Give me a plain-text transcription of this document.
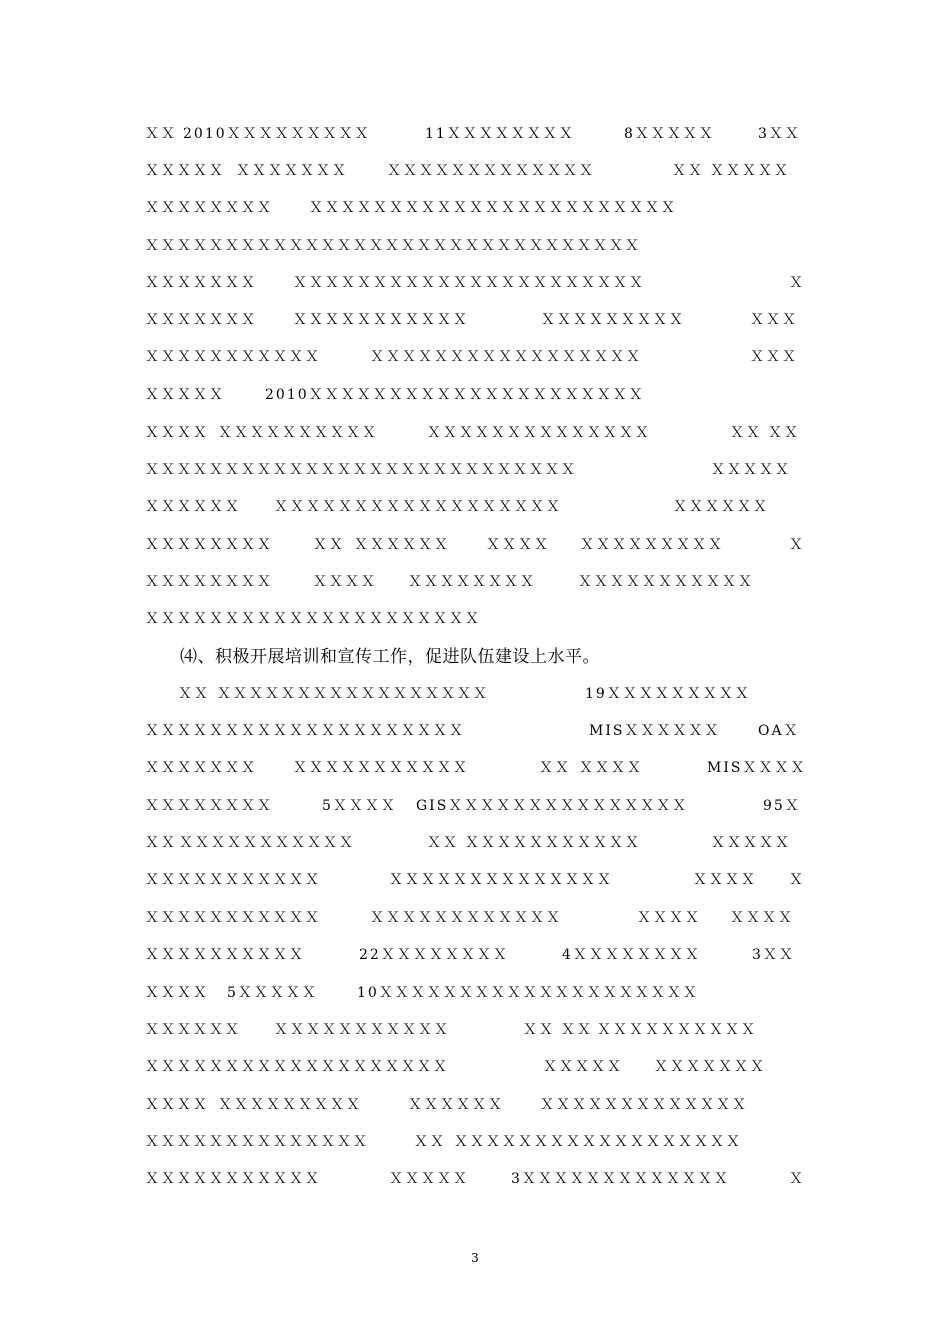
ＸＸ 2010ＸＸＸＸＸＸＸＸＸ	11ＸＸＸＸＸＸＸＸ	8ＸＸＸＸＸ	3ＸＸ
ＸＸＸＸＸ ＸＸＸＸＸＸＸ	ＸＸＸＸＸＸＸＸＸＸＸＸＸ	ＸＸ ＸＸＸＸＸ
ＸＸＸＸＸＸＸＸ	ＸＸＸＸＸＸＸＸＸＸＸＸＸＸＸＸＸＸＸＸＸＸＸ
ＸＸＸＸＸＸＸＸＸＸＸＸＸＸＸＸＸＸＸＸＸＸＸＸＸＸＸＸＸＸＸ
ＸＸＸＸＸＸＸ	ＸＸＸＸＸＸＸＸＸＸＸＸＸＸＸＸＸＸＸＸＸＸ	Ｘ
ＸＸＸＸＸＸＸ	ＸＸＸＸＸＸＸＸＸＸＸ	ＸＸＸＸＸＸＸＸＸ	ＸＸＸ
ＸＸＸＸＸＸＸＸＸＸＸ	ＸＸＸＸＸＸＸＸＸＸＸＸＸＸＸＸＸ	ＸＸＸ
ＸＸＸＸＸ	2010ＸＸＸＸＸＸＸＸＸＸＸＸＸＸＸＸＸＸＸＸＸ
ＸＸＸＸ ＸＸＸＸＸＸＸＸＸＸ	ＸＸＸＸＸＸＸＸＸＸＸＸＸＸ	ＸＸ ＸＸ
ＸＸＸＸＸＸＸＸＸＸＸＸＸＸＸＸＸＸＸＸＸＸＸＸＸＸＸ	ＸＸＸＸＸ
ＸＸＸＸＸＸ ＸＸＸＸＸＸＸＸＸＸＸＸＸＸＸＸＸＸ	ＸＸＸＸＸＸ
ＸＸＸＸＸＸＸＸ	ＸＸ ＸＸＸＸＸＸ	ＸＸＸＸ ＸＸＸＸＸＸＸＸＸ	Ｘ
ＸＸＸＸＸＸＸＸ	ＸＸＸＸ ＸＸＸＸＸＸＸＸ	ＸＸＸＸＸＸＸＸＸＸＸ
ＸＸＸＸＸＸＸＸＸＸＸＸＸＸＸＸＸＸＸＸＸ
⑷、积极开展培训和宣传工作，促进队伍建设上水平。
ＸＸ ＸＸＸＸＸＸＸＸＸＸＸＸＸＸＸＸＸ	19ＸＸＸＸＸＸＸＸＸ
ＸＸＸＸＸＸＸＸＸＸＸＸＸＸＸＸＸＸＸＸ	MISＸＸＸＸＸＸ	OAＸ
ＸＸＸＸＸＸＸ	ＸＸＸＸＸＸＸＸＸＸＸ	ＸＸ ＸＸＸＸ	MISＸＸＸＸ
ＸＸＸＸＸＸＸＸ	5ＸＸＸＸ GISＸＸＸＸＸＸＸＸＸＸＸＸＸＸＸ	95Ｘ
ＸＸ ＸＸＸＸＸＸＸＸＸＸＸ	ＸＸ ＸＸＸＸＸＸＸＸＸＸＸ	ＸＸＸＸＸ
ＸＸＸＸＸＸＸＸＸＸＸ	ＸＸＸＸＸＸＸＸＸＸＸＸＸＸ	ＸＸＸＸ Ｘ
ＸＸＸＸＸＸＸＸＸＸＸ	ＸＸＸＸＸＸＸＸＸＸＸＸ	ＸＸＸＸ ＸＸＸＸ
ＸＸＸＸＸＸＸＸＸＸ	22ＸＸＸＸＸＸＸＸ	4ＸＸＸＸＸＸＸＸ	3ＸＸ
ＸＸＸＸ 5ＸＸＸＸＸ	10ＸＸＸＸＸＸＸＸＸＸＸＸＸＸＸＸＸＸＸＸ
ＸＸＸＸＸＸ ＸＸＸＸＸＸＸＸＸＸＸ	ＸＸ ＸＸ ＸＸＸＸＸＸＸＸＸＸ
ＸＸＸＸＸＸＸＸＸＸＸＸＸＸＸＸＸＸＸ	ＸＸＸＸＸ ＸＸＸＸＸＸＸ
ＸＸＸＸ ＸＸＸＸＸＸＸＸＸ	ＸＸＸＸＸＸ	ＸＸＸＸＸＸＸＸＸＸＸＸＸ
ＸＸＸ ＸＸＸＸＸＸＸＸＸＸＸ	ＸＸ ＸＸＸＸＸＸＸＸＸＸＸＸＸＸＸＸＸＸ
ＸＸＸＸＸＸＸＸＸＸＸ	ＸＸＸＸＸ	3ＸＸＸＸＸＸＸＸＸＸＸＸＸ	Ｘ
3
